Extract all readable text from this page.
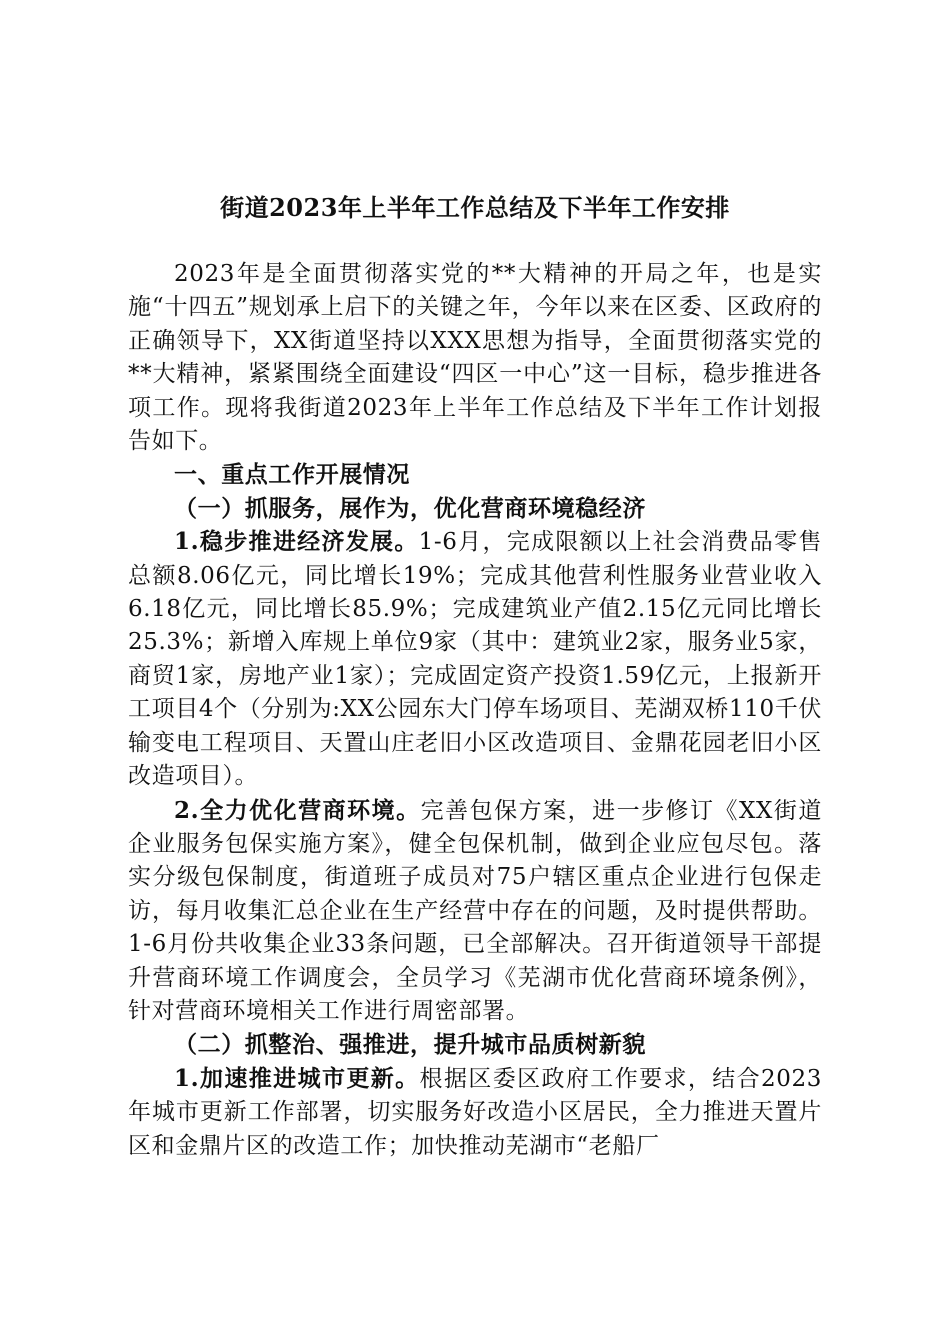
街道2023年上半年工作总结及下半年工作安排

2023年是全面贯彻落实党的**大精神的开局之年，也是实施“十四五”规划承上启下的关键之年，今年以来在区委、区政府的正确领导下，XX街道坚持以XXX思想为指导，全面贯彻落实党的**大精神，紧紧围绕全面建设“四区一中心”这一目标，稳步推进各项工作。现将我街道2023年上半年工作总结及下半年工作计划报告如下。

一、重点工作开展情况

（一）抓服务，展作为，优化营商环境稳经济

1.稳步推进经济发展。1-6月，完成限额以上社会消费品零售总额8.06亿元，同比增长19%；完成其他营利性服务业营业收入6.18亿元，同比增长85.9%；完成建筑业产值2.15亿元同比增长25.3%；新增入库规上单位9家（其中：建筑业2家，服务业5家，商贸1家，房地产业1家）；完成固定资产投资1.59亿元，上报新开工项目4个（分别为:XX公园东大门停车场项目、芜湖双桥110千伏输变电工程项目、天置山庄老旧小区改造项目、金鼎花园老旧小区改造项目）。

2.全力优化营商环境。完善包保方案，进一步修订《XX街道企业服务包保实施方案》，健全包保机制，做到企业应包尽包。落实分级包保制度，街道班子成员对75户辖区重点企业进行包保走访，每月收集汇总企业在生产经营中存在的问题，及时提供帮助。1-6月份共收集企业33条问题，已全部解决。召开街道领导干部提升营商环境工作调度会，全员学习《芜湖市优化营商环境条例》，针对营商环境相关工作进行周密部署。

（二）抓整治、强推进，提升城市品质树新貌

1.加速推进城市更新。根据区委区政府工作要求，结合2023年城市更新工作部署，切实服务好改造小区居民，全力推进天置片区和金鼎片区的改造工作；加快推动芜湖市“老船厂
